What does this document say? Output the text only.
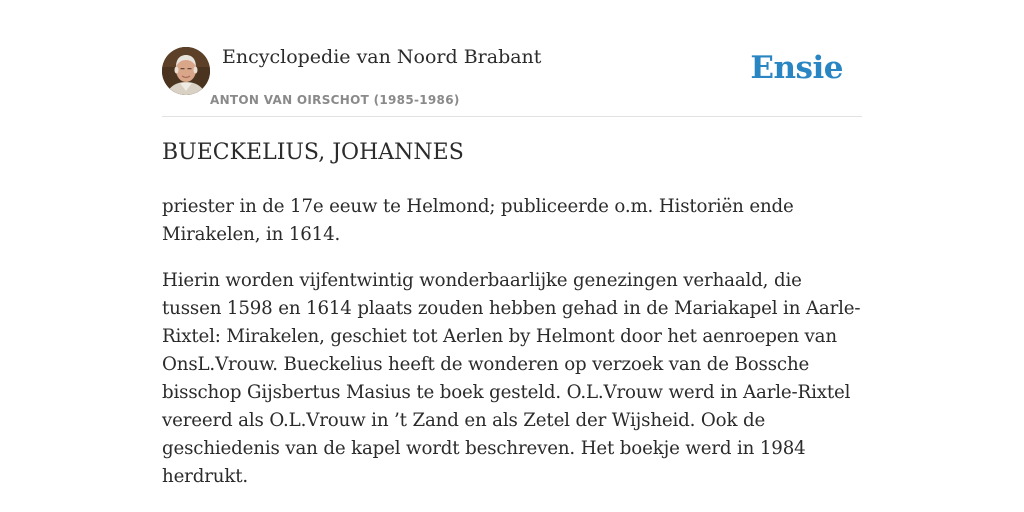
Encyclopedie van Noord Brabant
ANTON VAN OIRSCHOT (1985-1986)
Ensie
BUECKELIUS, JOHANNES

priester in de 17e eeuw te Helmond; publiceerde o.m. Historiën ende Mirakelen, in 1614.

Hierin worden vijfentwintig wonderbaarlijke genezingen verhaald, die tussen 1598 en 1614 plaats zouden hebben gehad in de Mariakapel in Aarle-Rixtel: Mirakelen, geschiet tot Aerlen by Helmont door het aenroepen van OnsL.Vrouw. Bueckelius heeft de wonderen op verzoek van de Bossche bisschop Gijsbertus Masius te boek gesteld. O.L.Vrouw werd in Aarle-Rixtel vereerd als O.L.Vrouw in ’t Zand en als Zetel der Wijsheid. Ook de geschiedenis van de kapel wordt beschreven. Het boekje werd in 1984 herdrukt.
